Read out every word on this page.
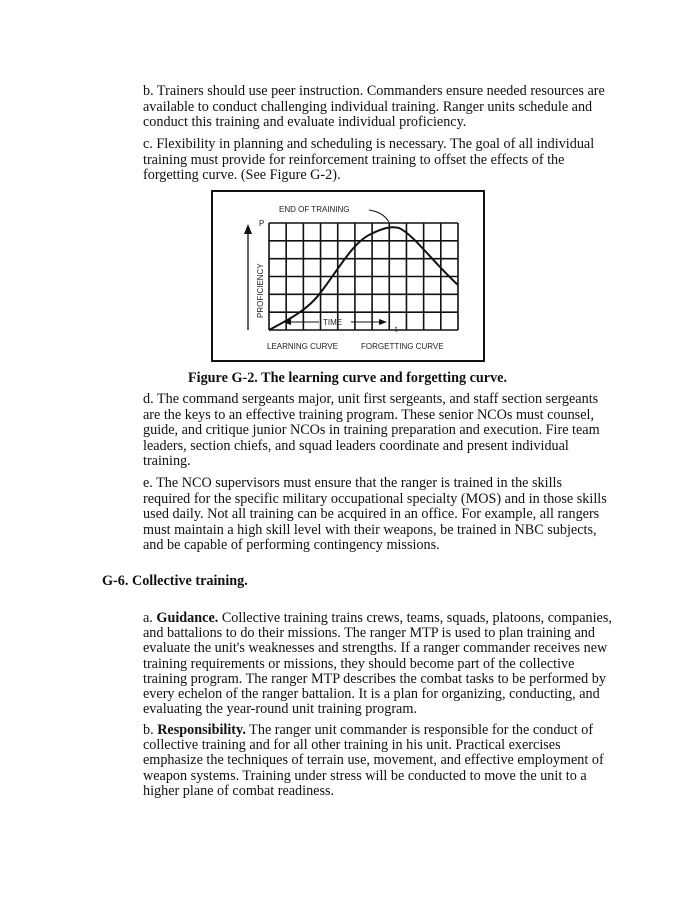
b. Trainers should use peer instruction. Commanders ensure needed resources are
available to conduct challenging individual training. Ranger units schedule and
conduct this training and evaluate individual proficiency.
c. Flexibility in planning and scheduling is necessary. The goal of all individual
training must provide for reinforcement training to offset the effects of the
forgetting curve. (See Figure G-2).
P
PROFICIENCY
END OF TRAINING
TIME
t
LEARNING CURVE	FORGETTING CURVE
Figure G-2. The learning curve and forgetting curve.
d. The command sergeants major, unit first sergeants, and staff section sergeants
are the keys to an effective training program. These senior NCOs must counsel,
guide, and critique junior NCOs in training preparation and execution. Fire team
leaders, section chiefs, and squad leaders coordinate and present individual
training.
e. The NCO supervisors must ensure that the ranger is trained in the skills
required for the specific military occupational specialty (MOS) and in those skills
used daily. Not all training can be acquired in an office. For example, all rangers
must maintain a high skill level with their weapons, be trained in NBC subjects,
and be capable of performing contingency missions.
G-6. Collective training.
a. Guidance. Collective training trains crews, teams, squads, platoons, companies,
and battalions to do their missions. The ranger MTP is used to plan training and
evaluate the unit's weaknesses and strengths. If a ranger commander receives new
training requirements or missions, they should become part of the collective
training program. The ranger MTP describes the combat tasks to be performed by
every echelon of the ranger battalion. It is a plan for organizing, conducting, and
evaluating the year-round unit training program.
b. Responsibility. The ranger unit commander is responsible for the conduct of
collective training and for all other training in his unit. Practical exercises
emphasize the techniques of terrain use, movement, and effective employment of
weapon systems. Training under stress will be conducted to move the unit to a
higher plane of combat readiness.
